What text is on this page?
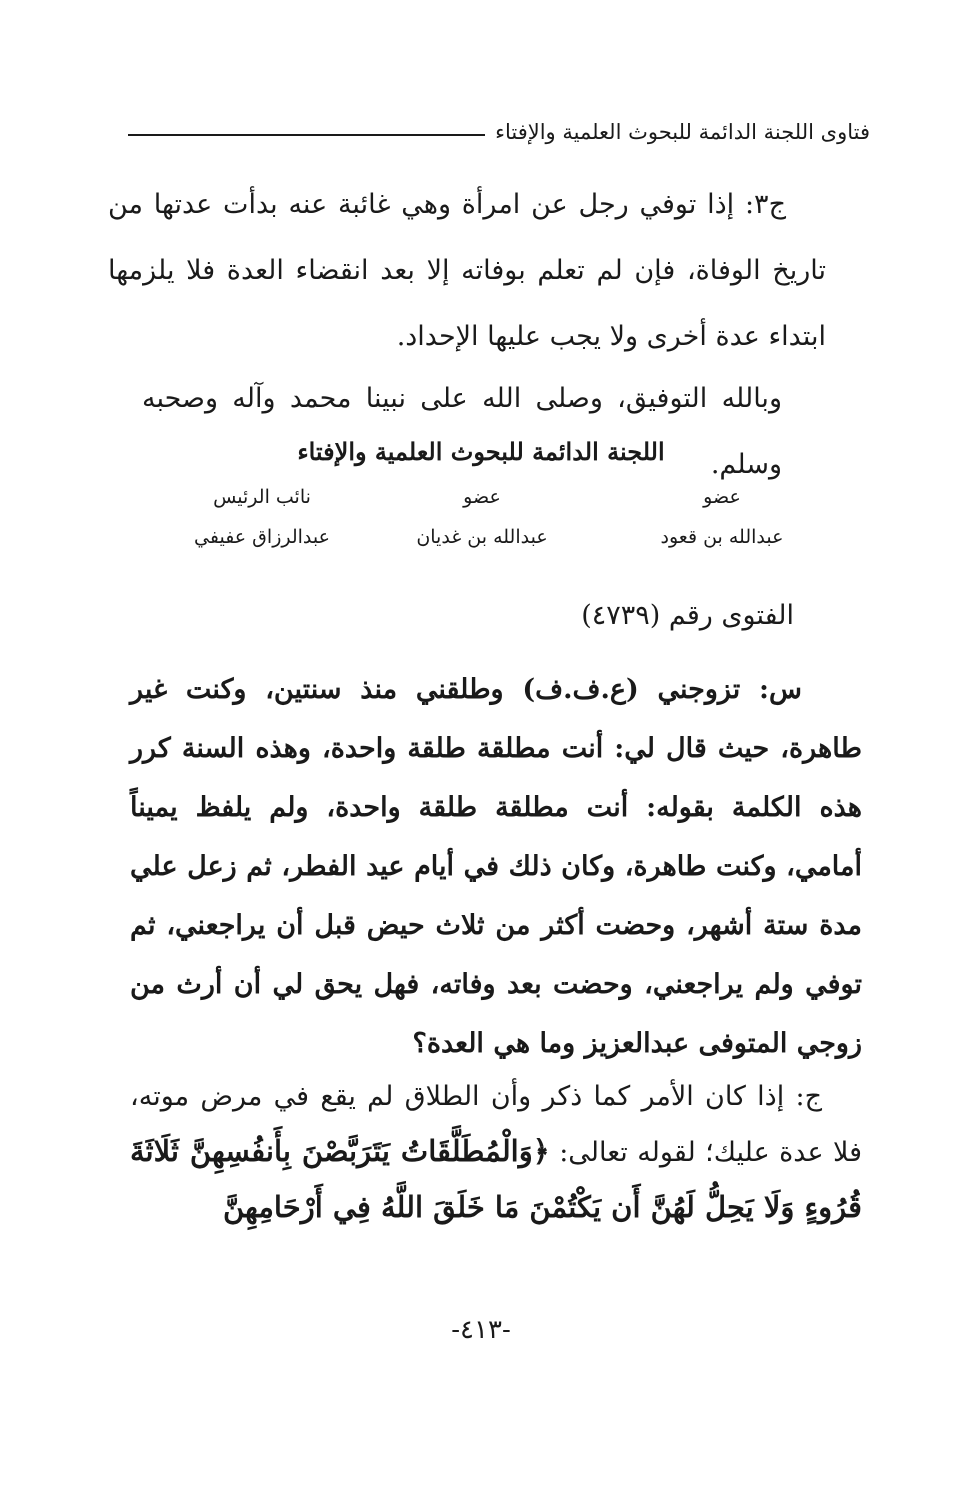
فتاوى اللجنة الدائمة للبحوث العلمية والإفتاء

ج٣: إذا توفي رجل عن امرأة وهي غائبة عنه بدأت عدتها من تاريخ الوفاة، فإن لم تعلم بوفاته إلا بعد انقضاء العدة فلا يلزمها ابتداء عدة أخرى ولا يجب عليها الإحداد.

وبالله التوفيق، وصلى الله على نبينا محمد وآله وصحبه وسلم.

اللجنة الدائمة للبحوث العلمية والإفتاء
عضو
عبدالله بن قعود
عضو
عبدالله بن غديان
نائب الرئيس
عبدالرزاق عفيفي
الفتوى رقم (٤٧٣٩)

س: تزوجني (ع.ف.ف) وطلقني منذ سنتين، وكنت غير طاهرة، حيث قال لي: أنت مطلقة طلقة واحدة، وهذه السنة كرر هذه الكلمة بقوله: أنت مطلقة طلقة واحدة، ولم يلفظ يميناً أمامي، وكنت طاهرة، وكان ذلك في أيام عيد الفطر، ثم زعل علي مدة ستة أشهر، وحضت أكثر من ثلاث حيض قبل أن يراجعني، ثم توفي ولم يراجعني، وحضت بعد وفاته، فهل يحق لي أن أرث من زوجي المتوفى عبدالعزيز وما هي العدة؟

ج: إذا كان الأمر كما ذكر وأن الطلاق لم يقع في مرض موته، فلا عدة عليك؛ لقوله تعالى: ﴿وَالْمُطَلَّقَاتُ يَتَرَبَّصْنَ بِأَنفُسِهِنَّ ثَلَاثَةَ قُرُوءٍ وَلَا يَحِلُّ لَهُنَّ أَن يَكْتُمْنَ مَا خَلَقَ اللَّهُ فِي أَرْحَامِهِنَّ

-٤١٣-
